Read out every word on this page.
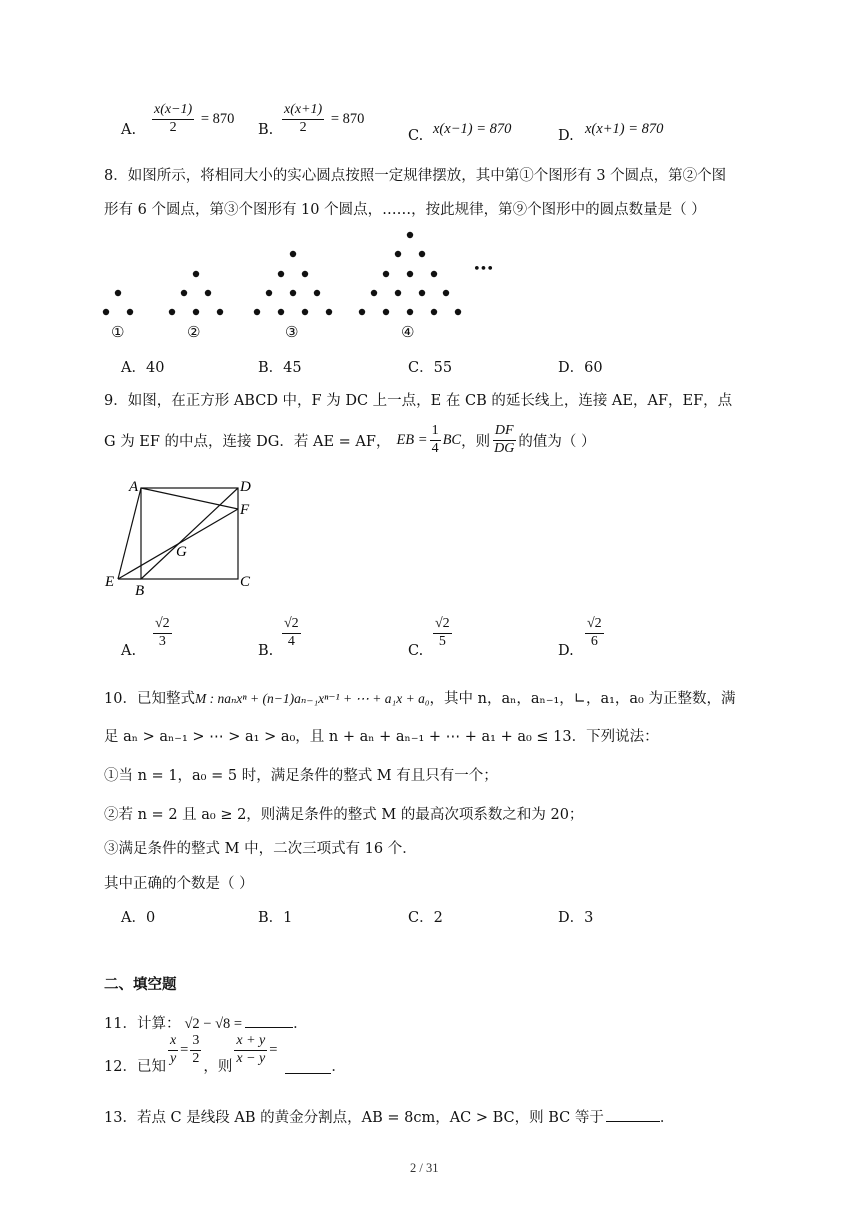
A. $\frac{x(x-1)}{2} = 870$
B. $\frac{x(x+1)}{2} = 870$
C. x(x−1) = 870	D. x(x+1) = 870
8．如图所示，将相同大小的实心圆点按照一定规律摆放，其中第①个图形有 3 个圆点，第②个图
形有 6 个圆点，第③个图形有 10 个圆点，……，按此规律，第⑨个图形中的圆点数量是（ ）
•••
①	②	③	④
A．40	B．45	C．55	D．60
9．如图，在正方形 ABCD 中，F 为 DC 上一点，E 在 CB 的延长线上，连接 AE，AF，EF，点
G 为 EF 的中点，连接 DG．若 AE = AF， EB = $\frac{1}{4}$ BC ，则 $\frac{DF}{DG}$ 的值为（ ）
A	D
F
G
E
B
C
A.
$\frac{√2}{3}$
B.
$\frac{√2}{4}$
C.
$\frac{√2}{5}$
D.
$\frac{√2}{6}$
10．已知整式M : naₙxⁿ + (n−1)aₙ₋₁xⁿ⁻¹ + ⋯ + a₁x + a₀，其中 n，aₙ，aₙ₋₁，∟，a₁，a₀ 为正整数，满
足 aₙ > aₙ₋₁ > ⋯ > a₁ > a₀，且 n + aₙ + aₙ₋₁ + ⋯ + a₁ + a₀ ≤ 13．下列说法：
①当 n = 1，a₀ = 5 时，满足条件的整式 M 有且只有一个；
②若 n = 2 且 a₀ ≥ 2，则满足条件的整式 M 的最高次项系数之和为 20；
③满足条件的整式 M 中，二次三项式有 16 个．
其中正确的个数是（ ）
A．0	B．1	C．2	D．3
二、填空题
11．计算： √2 − √8 =	．
12．已知
$\frac{x}{y} = \frac{3}{2}$
，则
$\frac{x + y}{x - y}$ =
．
13．若点 C 是线段 AB 的黄金分割点，AB = 8cm，AC > BC，则 BC 等于	．
2 / 31
